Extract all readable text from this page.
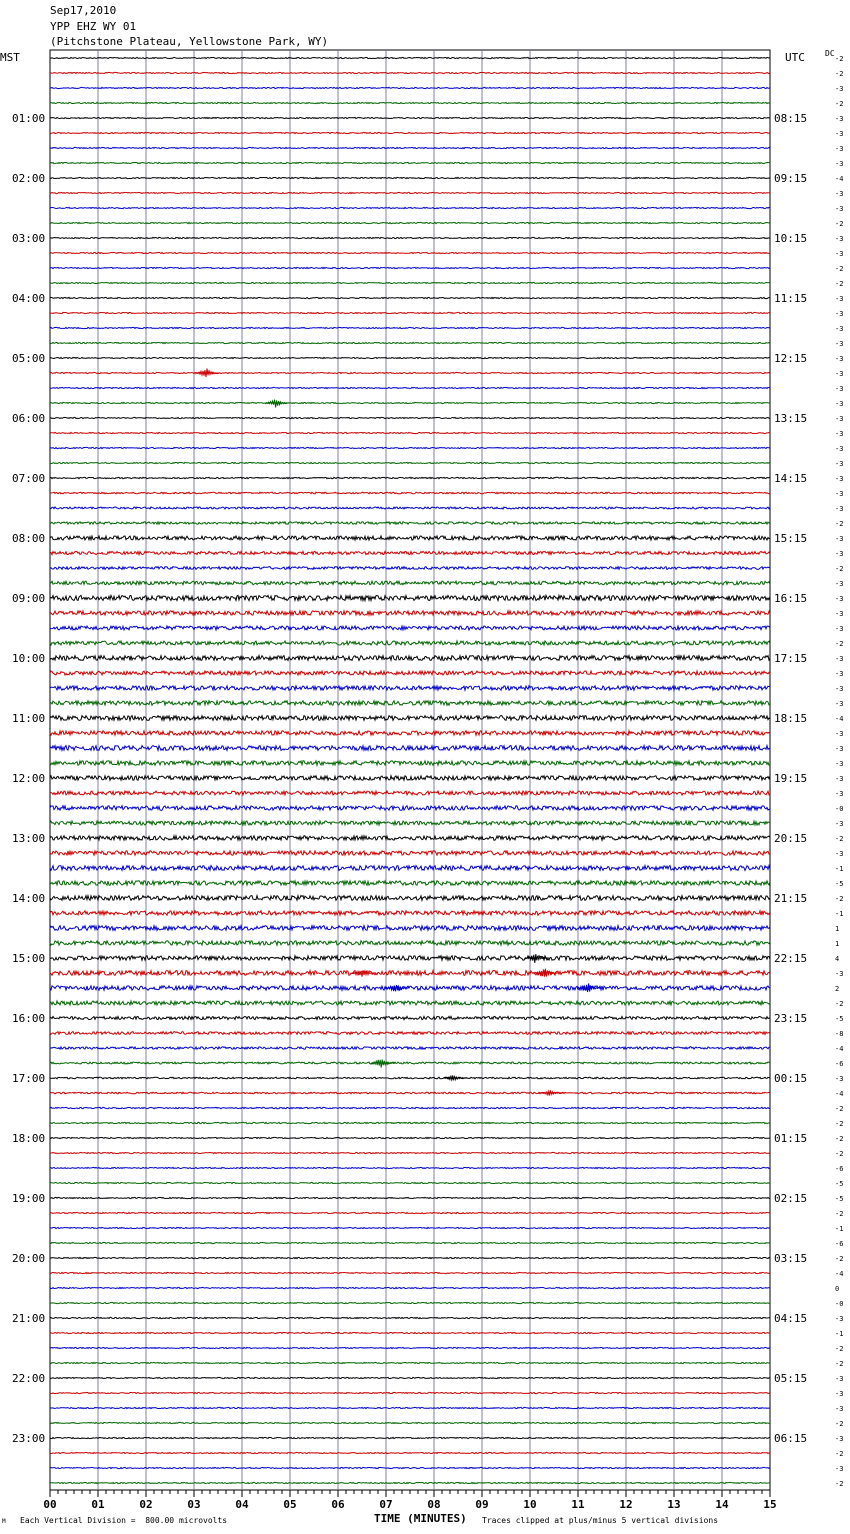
Sep17,2010
YPP EHZ WY 01
(Pitchstone Plateau, Yellowstone Park, WY)
MST	UTC	DC
-2
-2
-3
-2
-3
-3
-3
-3
-4
-3
-3
-2
-3
-3
-2
-2
-3
-3
-3
-3
-3
-3
-3
-3
-3
-3
-3
-3
-3
-3
-3
-2
-3
-3
-2
-3
-3
-3
-3
-2
-3
-3
-3
-3
-4
-3
-3
-3
-3
-3
-0
-3
-2
-3
-1
-5
-2
-1
1
1
4
-3
2
-2
-5
-8
-4
-6
-3
-4
-2
-2
-2
-2
-6
-5
-5
-2
-1
-6
-2
-4
0
-0
-3
-1
-2
-2
-3
-3
-3
-2
-3
-2
-3
-2
01:00
02:00
03:00
04:00
05:00
06:00
07:00
08:00
09:00
10:00
11:00
12:00
13:00
14:00
15:00
16:00
17:00
18:00
19:00
20:00
21:00
22:00
23:00
08:15
09:15
10:15
11:15
12:15
13:15
14:15
15:15
16:15
17:15
18:15
19:15
20:15
21:15
22:15
23:15
00:15
01:15
02:15
03:15
04:15
05:15
06:15
00	01	02	03	04	05	06	07	08	09	10	11	12	13	14	15
TIME (MINUTES)
Each Vertical Division =  800.00 microvolts	Traces clipped at plus/minus 5 vertical divisions
M
